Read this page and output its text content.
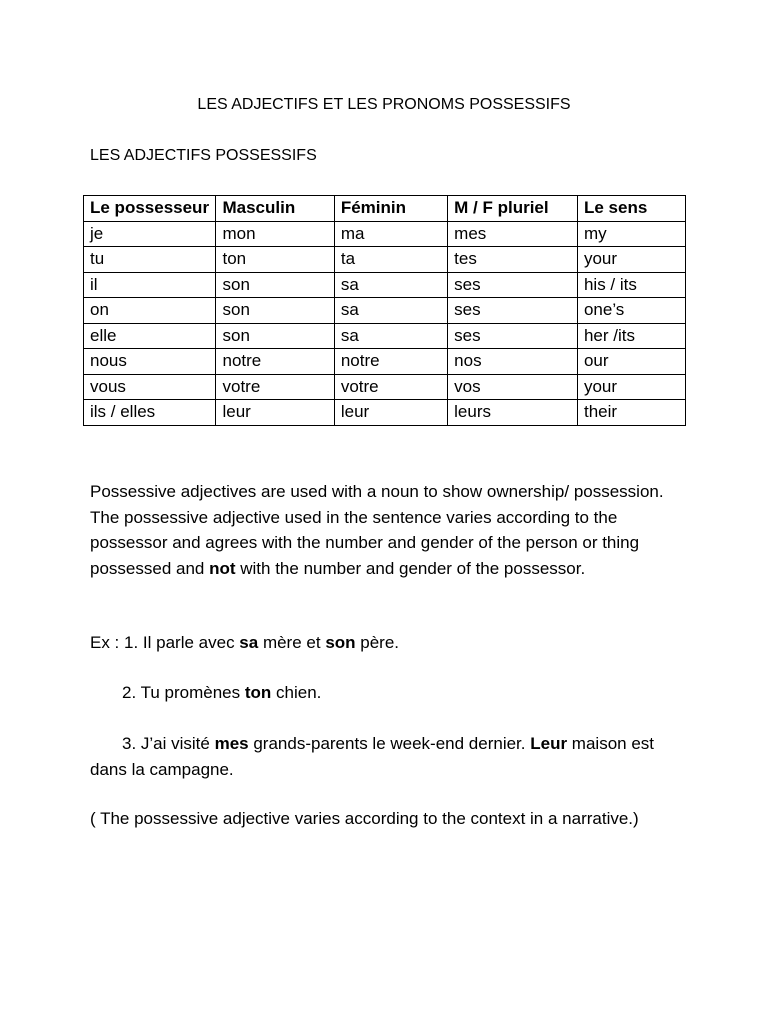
LES ADJECTIFS ET LES PRONOMS POSSESSIFS
LES ADJECTIFS POSSESSIFS
Le possesseur	Masculin	Féminin	M / F pluriel	Le sens
je	mon	ma	mes	my
tu	ton	ta	tes	your
il	son	sa	ses	his / its
on	son	sa	ses	one’s
elle	son	sa	ses	her /its
nous	notre	notre	nos	our
vous	votre	votre	vos	your
ils / elles	leur	leur	leurs	their

Possessive adjectives are used with a noun to show ownership/ possession. The possessive adjective used in the sentence varies according to the possessor and agrees with the number and gender of the person or thing possessed and not with the number and gender of the possessor.

Ex : 1. Il parle avec sa mère et son père.

2. Tu promènes ton chien.

3. J’ai visité mes grands-parents le week-end dernier. Leur maison est dans la campagne.

( The possessive adjective varies according to the context in a narrative.)
